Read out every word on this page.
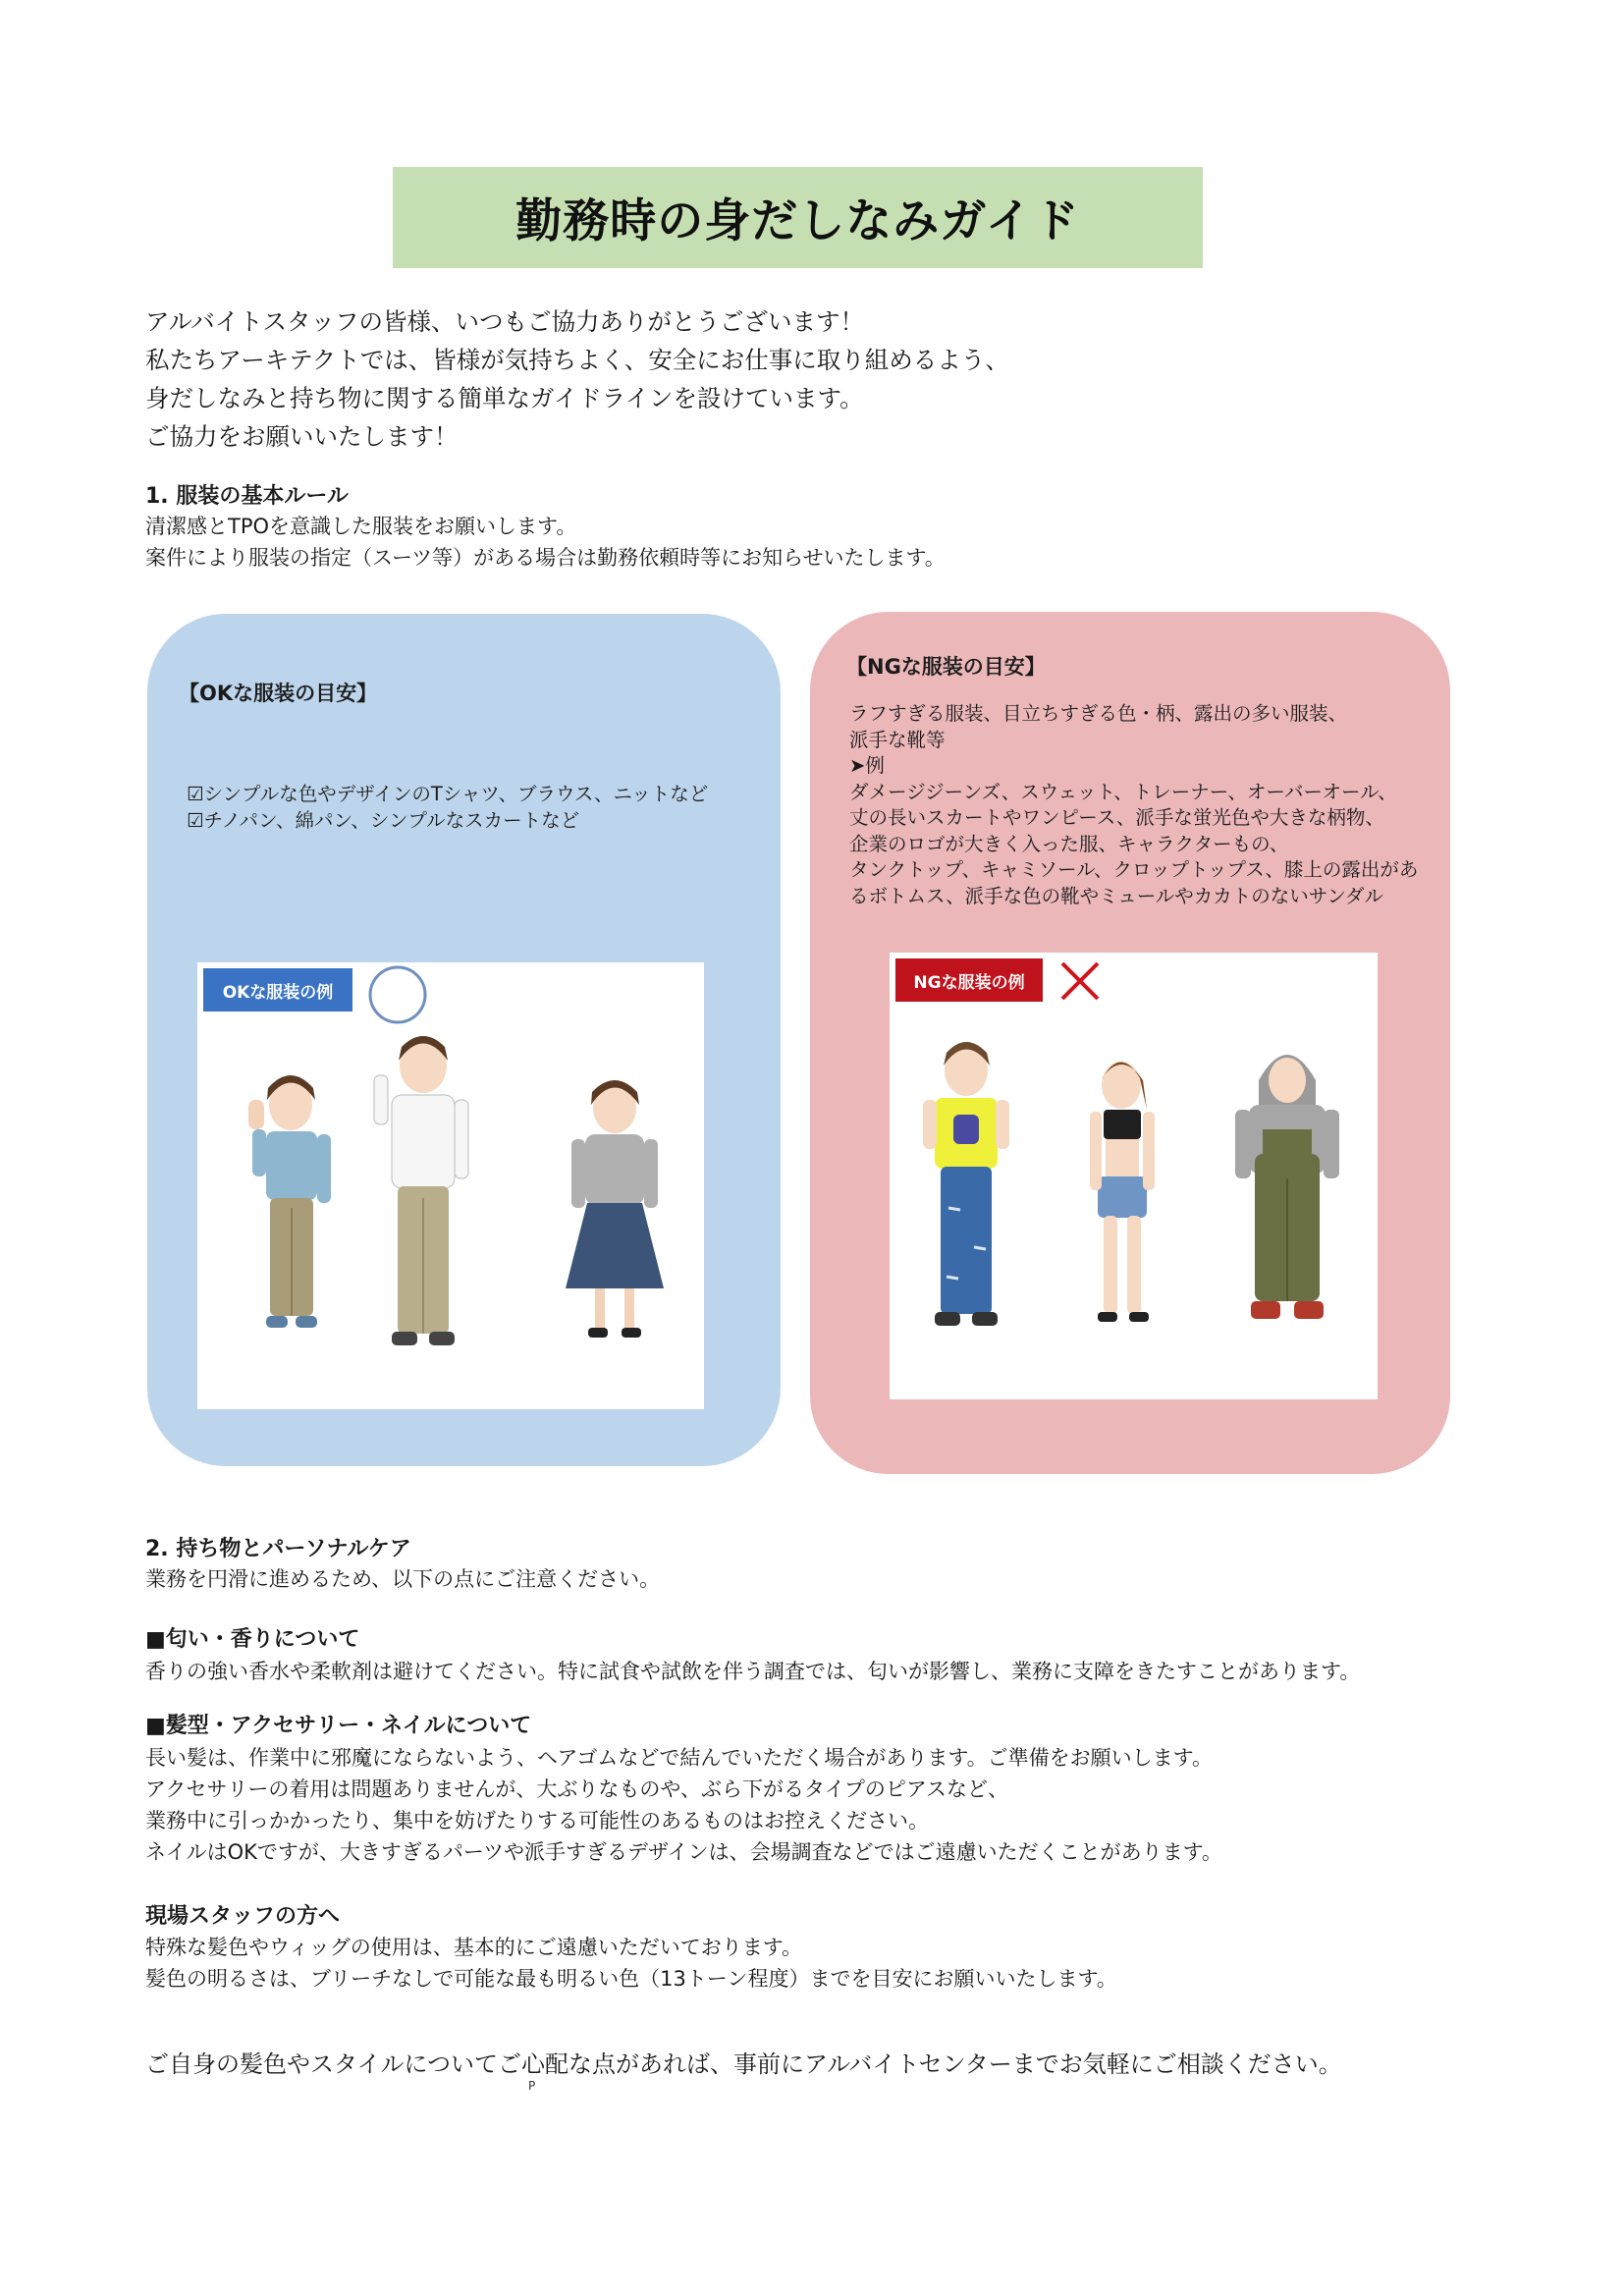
勤務時の身だしなみガイド
アルバイトスタッフの皆様、いつもご協力ありがとうございます！
私たちアーキテクトでは、皆様が気持ちよく、安全にお仕事に取り組めるよう、
身だしなみと持ち物に関する簡単なガイドラインを設けています。
ご協力をお願いいたします！
1. 服装の基本ルール
清潔感とTPOを意識した服装をお願いします。
案件により服装の指定（スーツ等）がある場合は勤務依頼時等にお知らせいたします。
【OKな服装の目安】
☑シンプルな色やデザインのTシャツ、ブラウス、ニットなど
☑チノパン、綿パン、シンプルなスカートなど
OKな服装の例
【NGな服装の目安】
ラフすぎる服装、目立ちすぎる色・柄、露出の多い服装、
派手な靴等
➤例
ダメージジーンズ、スウェット、トレーナー、オーバーオール、
丈の長いスカートやワンピース、派手な蛍光色や大きな柄物、
企業のロゴが大きく入った服、キャラクターもの、
タンクトップ、キャミソール、クロップトップス、膝上の露出があ
るボトムス、派手な色の靴やミュールやカカトのないサンダル
NGな服装の例
2. 持ち物とパーソナルケア
業務を円滑に進めるため、以下の点にご注意ください。
■匂い・香りについて
香りの強い香水や柔軟剤は避けてください。特に試食や試飲を伴う調査では、匂いが影響し、業務に支障をきたすことがあります。
■髪型・アクセサリー・ネイルについて
長い髪は、作業中に邪魔にならないよう、ヘアゴムなどで結んでいただく場合があります。ご準備をお願いします。
アクセサリーの着用は問題ありませんが、大ぶりなものや、ぶら下がるタイプのピアスなど、
業務中に引っかかったり、集中を妨げたりする可能性のあるものはお控えください。
ネイルはOKですが、大きすぎるパーツや派手すぎるデザインは、会場調査などではご遠慮いただくことがあります。
現場スタッフの方へ
特殊な髪色やウィッグの使用は、基本的にご遠慮いただいております。
髪色の明るさは、ブリーチなしで可能な最も明るい色（13トーン程度）までを目安にお願いいたします。
ご自身の髪色やスタイルについてご心配な点があれば、事前にアルバイトセンターまでお気軽にご相談ください。
P
